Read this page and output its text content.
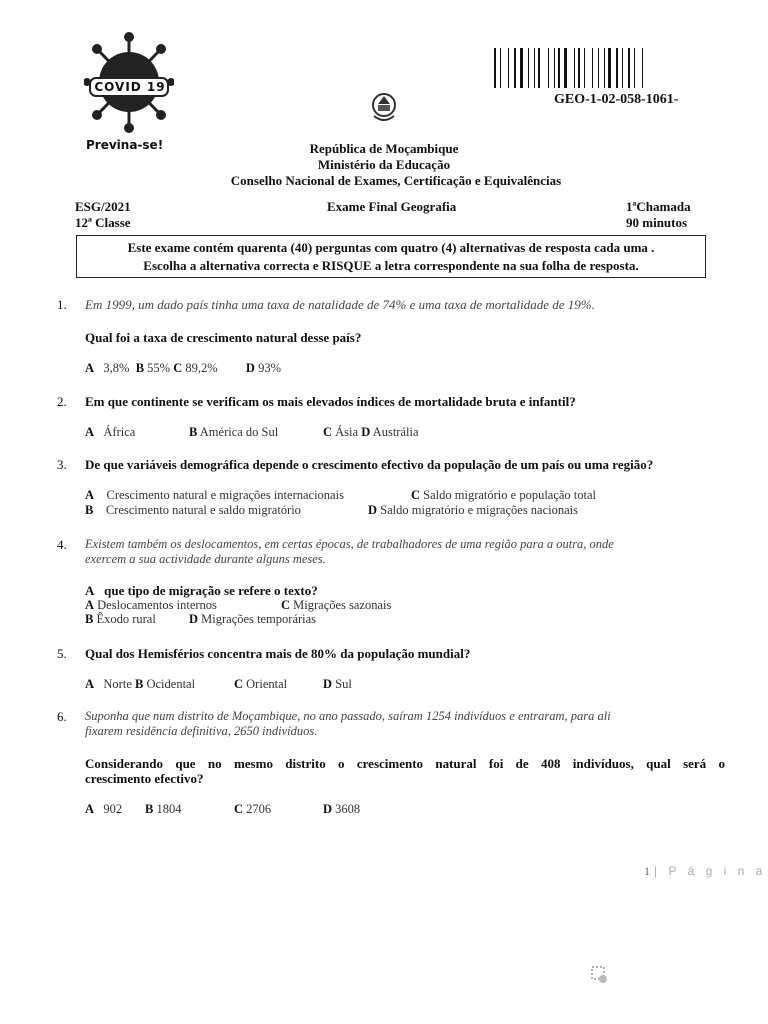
COVID 19
Previna-se!
GEO-1-02-058-1061-
República de Moçambique
Ministério da Educação
Conselho Nacional de Exames, Certificação e Equivalências
ESG/2021
12ª Classe
Exame Final Geografia	1ªChamada
90 minutos
Este exame contém quarenta (40) perguntas com quatro (4) alternativas de resposta cada uma .
Escolha a alternativa correcta e RISQUE a letra correspondente na sua folha de resposta.
1. Em 1999, um dado país tinha uma taxa de natalidade de 74% e uma taxa de mortalidade de 19%.
Qual foi a taxa de crescimento natural desse país?
A 3,8% B 55% C 89,2% D 93%
2. Em que continente se verificam os mais elevados índices de mortalidade bruta e infantil?
A África	B América do Sul	C Ásia D Austrália
3. De que variáveis demográfica depende o crescimento efectivo da população de um país ou uma região?
A Crescimento natural e migrações internacionais
B Crescimento natural e saldo migratório
C Saldo migratório e população total
D Saldo migratório e migrações nacionais
4. Existem também os deslocamentos, em certas épocas, de trabalhadores de uma região para a outra, onde
exercem a sua actividade durante alguns meses.
A que tipo de migração se refere o texto?
A Deslocamentos internos
B Êxodo rural
C Migrações sazonais
D Migrações temporárias
5. Qual dos Hemisférios concentra mais de 80% da população mundial?
A Norte B Ocidental	C Oriental	D Sul
6. Suponha que num distrito de Moçambique, no ano passado, saíram 1254 indivíduos e entraram, para ali
fixarem residência definitiva, 2650 indivíduos.
Considerando que no mesmo distrito o crescimento natural foi de 408 indivíduos, qual será o
crescimento efectivo?
A 902 B 1804	C 2706	D 3608
1 | P á g i n a
